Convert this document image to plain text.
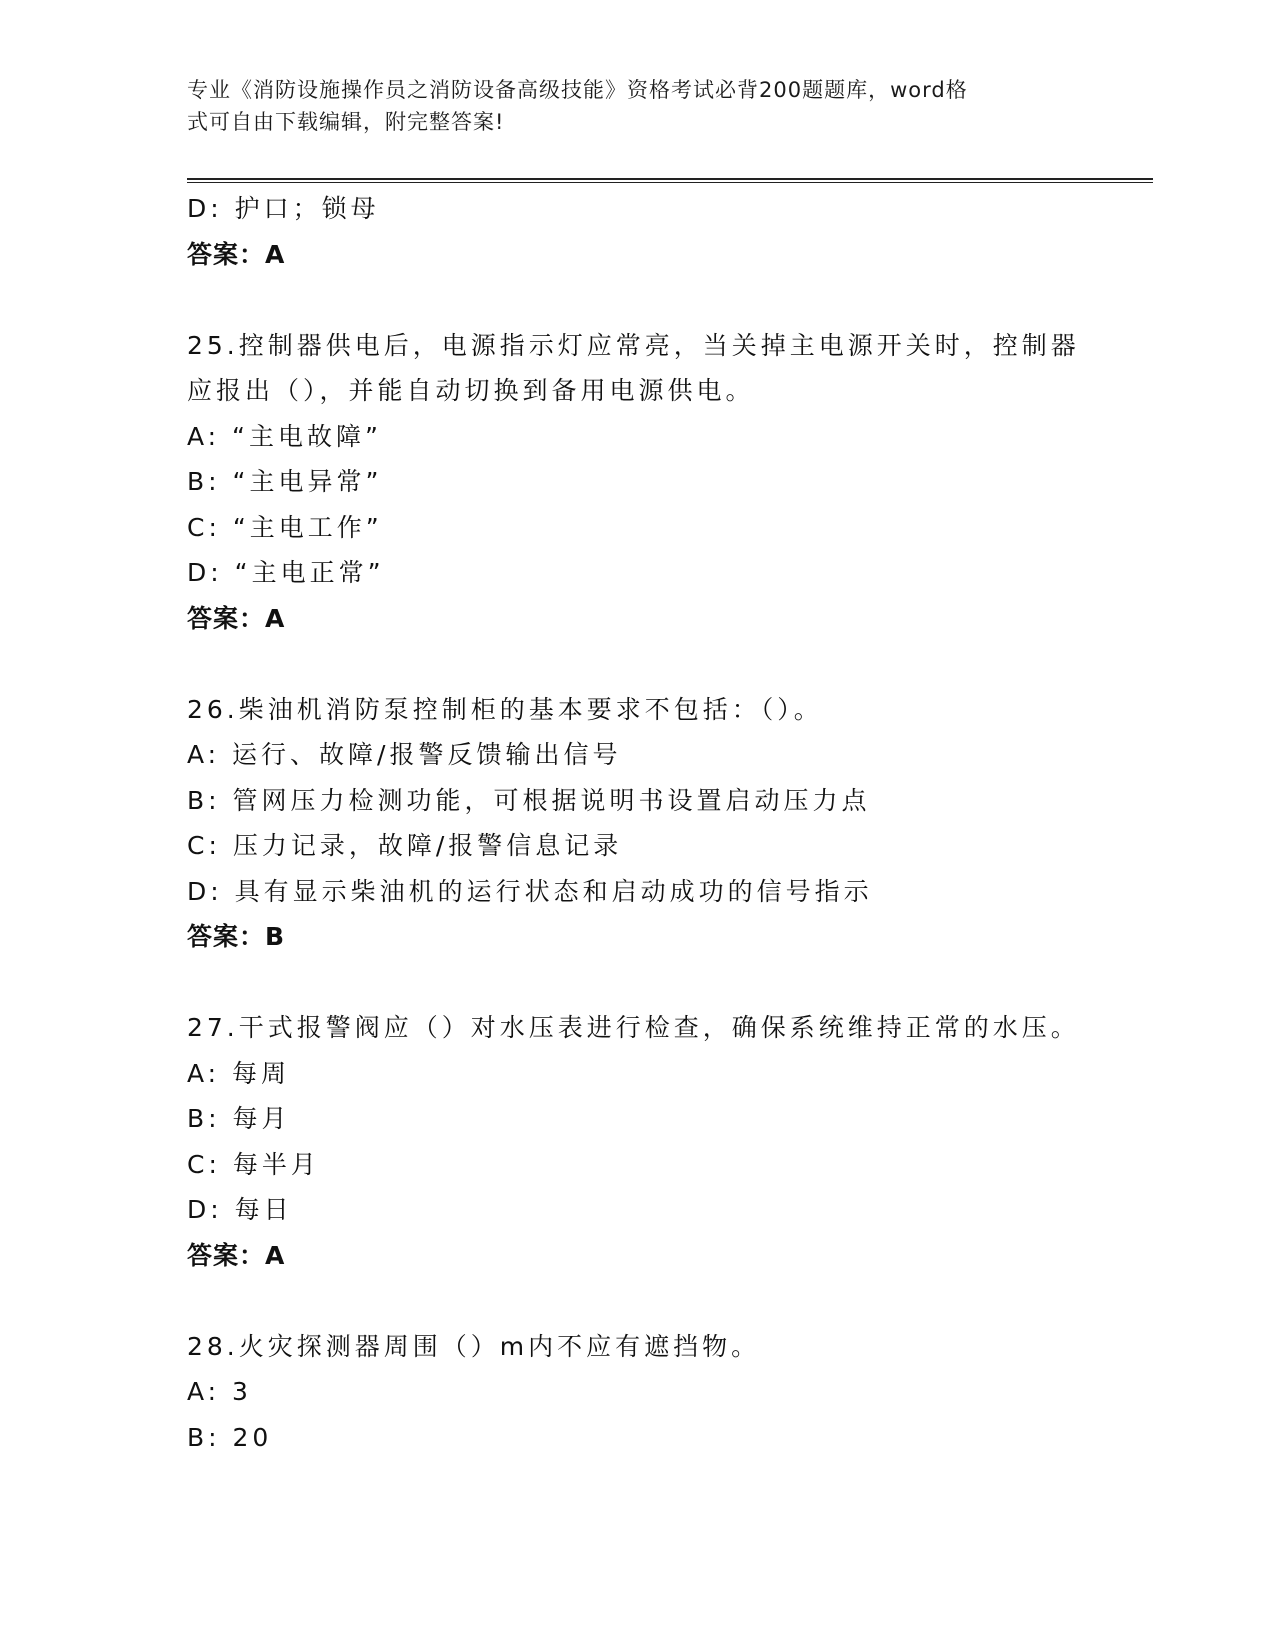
专业《消防设施操作员之消防设备高级技能》资格考试必背200题题库，word格
式可自由下载编辑，附完整答案!
D: 护口；锁母
答案：A
25.控制器供电后，电源指示灯应常亮，当关掉主电源开关时，控制器
应报出（），并能自动切换到备用电源供电。
A: “主电故障”
B: “主电异常”
C: “主电工作”
D: “主电正常”
答案：A
26.柴油机消防泵控制柜的基本要求不包括：（）。
A: 运行、故障/报警反馈输出信号
B: 管网压力检测功能，可根据说明书设置启动压力点
C: 压力记录，故障/报警信息记录
D: 具有显示柴油机的运行状态和启动成功的信号指示
答案：B
27.干式报警阀应（）对水压表进行检查，确保系统维持正常的水压。
A: 每周
B: 每月
C: 每半月
D: 每日
答案：A
28.火灾探测器周围（）m内不应有遮挡物。
A: 3
B: 20
